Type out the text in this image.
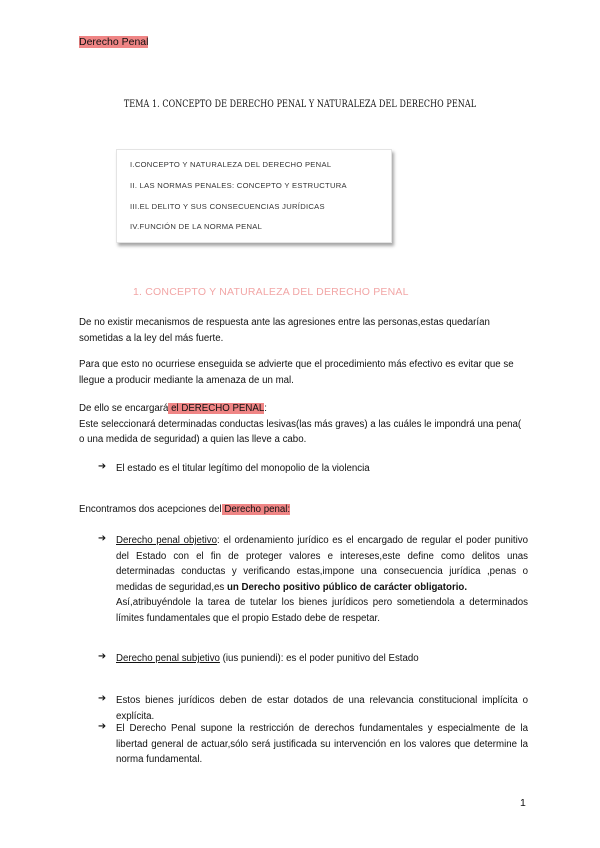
Derecho Penal
TEMA 1. CONCEPTO DE DERECHO PENAL Y NATURALEZA DEL DERECHO PENAL
I.CONCEPTO Y NATURALEZA DEL DERECHO PENAL
II. LAS NORMAS PENALES: CONCEPTO Y ESTRUCTURA
III.EL DELITO Y SUS CONSECUENCIAS JURÍDICAS
IV.FUNCIÓN DE LA NORMA PENAL
1. CONCEPTO Y NATURALEZA DEL DERECHO PENAL
De no existir mecanismos de respuesta ante las agresiones entre las personas,estas quedarían sometidas a la ley del más fuerte.
Para que esto no ocurriese enseguida se advierte que el procedimiento más efectivo es evitar que se llegue a producir mediante la amenaza de un mal.
De ello se encargará el DERECHO PENAL:
Este seleccionará determinadas conductas lesivas(las más graves) a las cuáles le impondrá una pena( o una medida de seguridad) a quien las lleve a cabo.
➔ El estado es el titular legítimo del monopolio de la violencia
Encontramos dos acepciones del Derecho penal:
➔ Derecho penal objetivo: el ordenamiento jurídico es el encargado de regular el poder punitivo del Estado con el fin de proteger valores e intereses,este define como delitos unas determinadas conductas y verificando estas,impone una consecuencia jurídica ,penas o medidas de seguridad,es un Derecho positivo público de carácter obligatorio.
Así,atribuyéndole la tarea de tutelar los bienes jurídicos pero sometiendola a determinados límites fundamentales que el propio Estado debe de respetar.
➔ Derecho penal subjetivo (ius puniendi): es el poder punitivo del Estado
➔ Estos bienes jurídicos deben de estar dotados de una relevancia constitucional implícita o explícita.
➔ El Derecho Penal supone la restricción de derechos fundamentales y especialmente de la libertad general de actuar,sólo será justificada su intervención en los valores que determine la norma fundamental.
1
